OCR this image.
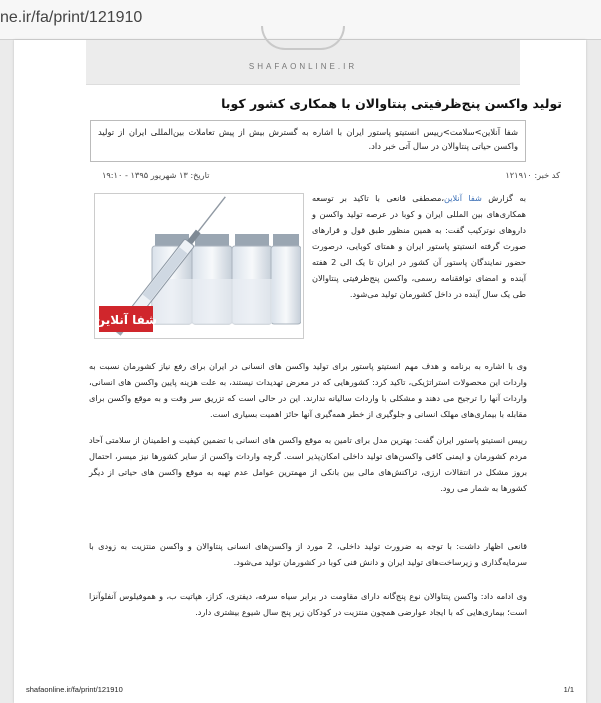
ne.ir/fa/print/121910
SHAFAONLINE.IR
تولید واکسن پنج‌ظرفیتی پنتاوالان با همکاری کشور کوبا
شفا آنلاین>سلامت>رییس انستیتو پاستور ایران با اشاره به گسترش بیش از پیش تعاملات بین‌المللی ایران از تولید واکسن حیاتی پنتاوالان در سال آتی خبر داد.
کد خبر: ۱۲۱۹۱۰
تاریخ: ۱۳ شهریور ۱۳۹۵ - ۱۹:۱۰
شفا آنلاین
به گزارش شفا آنلاین،مصطفی قانعی با تاکید بر توسعه همکاری‌های بین المللی ایران و کوبا در عرصه تولید واکسن و داروهای نوترکیب گفت: به همین منظور طبق قول و قرارهای صورت گرفته انستیتو پاستور ایران و همتای کوبایی، درصورت حضور نمایندگان پاستور آن کشور در ایران تا یک الی 2 هفته آینده و امضای توافقنامه رسمی، واکسن پنج‌ظرفیتی پنتاوالان طی یک سال آینده در داخل کشورمان تولید می‌شود.
وی با اشاره به برنامه و هدف مهم انستیتو پاستور برای تولید واکسن های انسانی در ایران برای رفع نیاز کشورمان نسبت به واردات این محصولات استراتژیکی، تاکید کرد: کشورهایی که در معرض تهدیدات نیستند، به علت هزینه پایین واکسن های انسانی، واردات آنها را ترجیح می دهند و مشکلی با واردات سالیانه ندارند. این در حالی است که تزریق سر وقت و به موقع واکسن برای مقابله با بیماری‌های مهلک انسانی و جلوگیری از خطر همه‌گیری آنها حائز اهمیت بسیاری است.
رییس انستیتو پاستور ایران گفت: بهترین مدل برای تامین به موقع واکسن های انسانی با تضمین کیفیت و اطمینان از سلامتی آحاد مردم کشورمان و ایمنی کافی واکسن‌های تولید داخلی امکان‌پذیر است. گرچه واردات واکسن از سایر کشورها نیز میسر، احتمال بروز مشکل در انتقالات ارزی، تراکنش‌های مالی بین بانکی از مهمترین عوامل عدم تهیه به موقع واکسن های حیاتی از دیگر کشورها به شمار می رود.
قانعی اظهار داشت: با توجه به ضرورت تولید داخلی، 2 مورد از واکسن‌های انسانی پنتاوالان و واکسن منتزیت به زودی با سرمایه‌گذاری و زیرساخت‌های تولید ایران و دانش فنی کوبا در کشورمان تولید می‌شود.
وی ادامه داد: واکسن پنتاوالان نوع پنج‌گانه دارای مقاومت در برابر سیاه سرفه، دیفتری، کزاز، هپاتیت ب، و هموفیلوس آنفلوآنزا است؛ بیماری‌هایی که با ایجاد عوارضی همچون منتزیت در کودکان زیر پنج سال شیوع بیشتری دارد.
shafaonline.ir/fa/print/121910	1/1
